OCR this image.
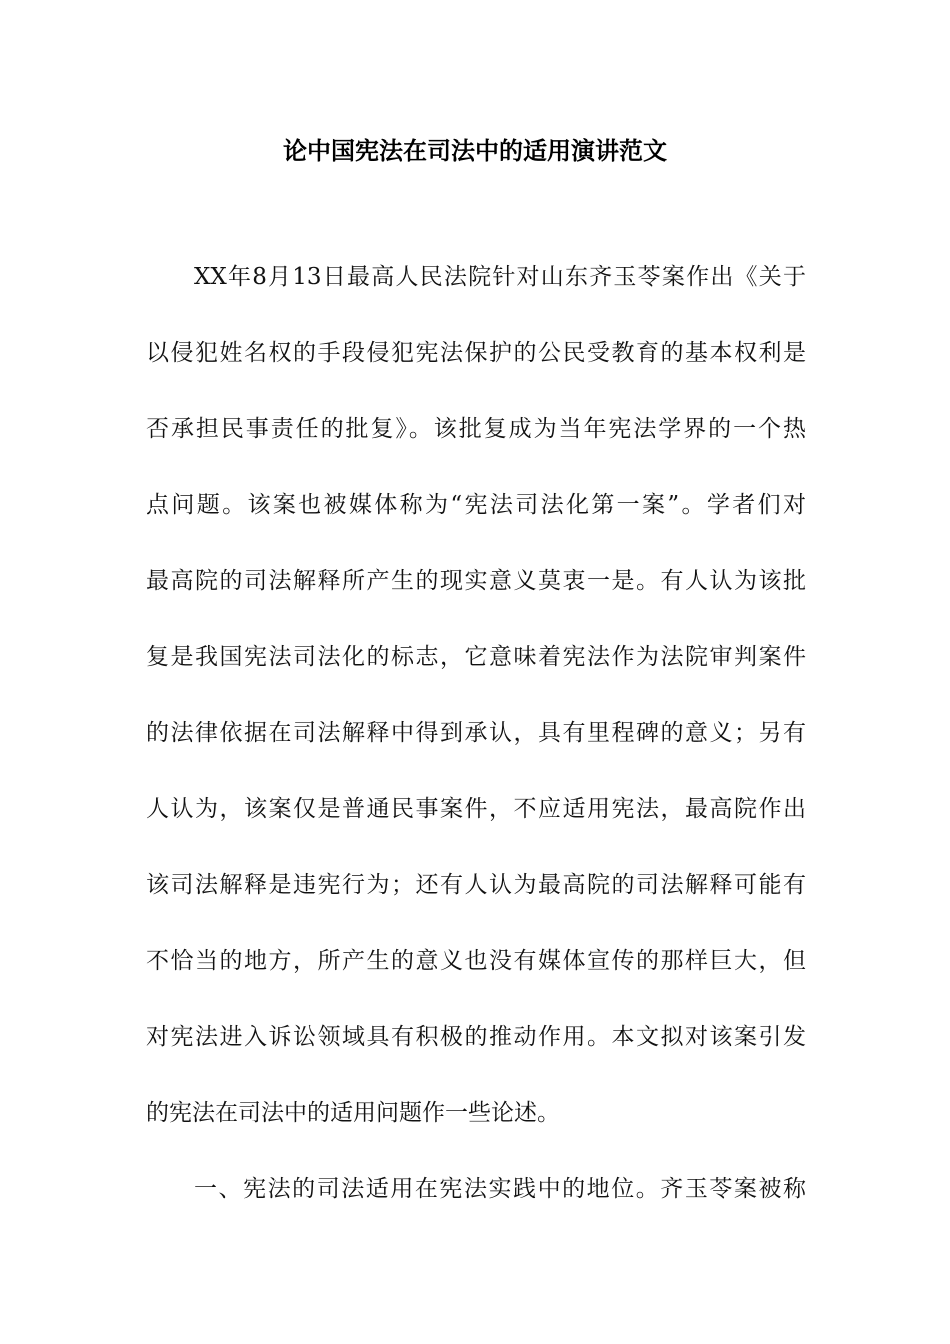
论中国宪法在司法中的适用演讲范文
XX年8月13日最高人民法院针对山东齐玉苓案作出《关于
以侵犯姓名权的手段侵犯宪法保护的公民受教育的基本权利是
否承担民事责任的批复》。该批复成为当年宪法学界的一个热
点问题。该案也被媒体称为“宪法司法化第一案”。学者们对
最高院的司法解释所产生的现实意义莫衷一是。有人认为该批
复是我国宪法司法化的标志，它意味着宪法作为法院审判案件
的法律依据在司法解释中得到承认，具有里程碑的意义；另有
人认为，该案仅是普通民事案件，不应适用宪法，最高院作出
该司法解释是违宪行为；还有人认为最高院的司法解释可能有
不恰当的地方，所产生的意义也没有媒体宣传的那样巨大，但
对宪法进入诉讼领域具有积极的推动作用。本文拟对该案引发
的宪法在司法中的适用问题作一些论述。
一、宪法的司法适用在宪法实践中的地位。齐玉苓案被称
